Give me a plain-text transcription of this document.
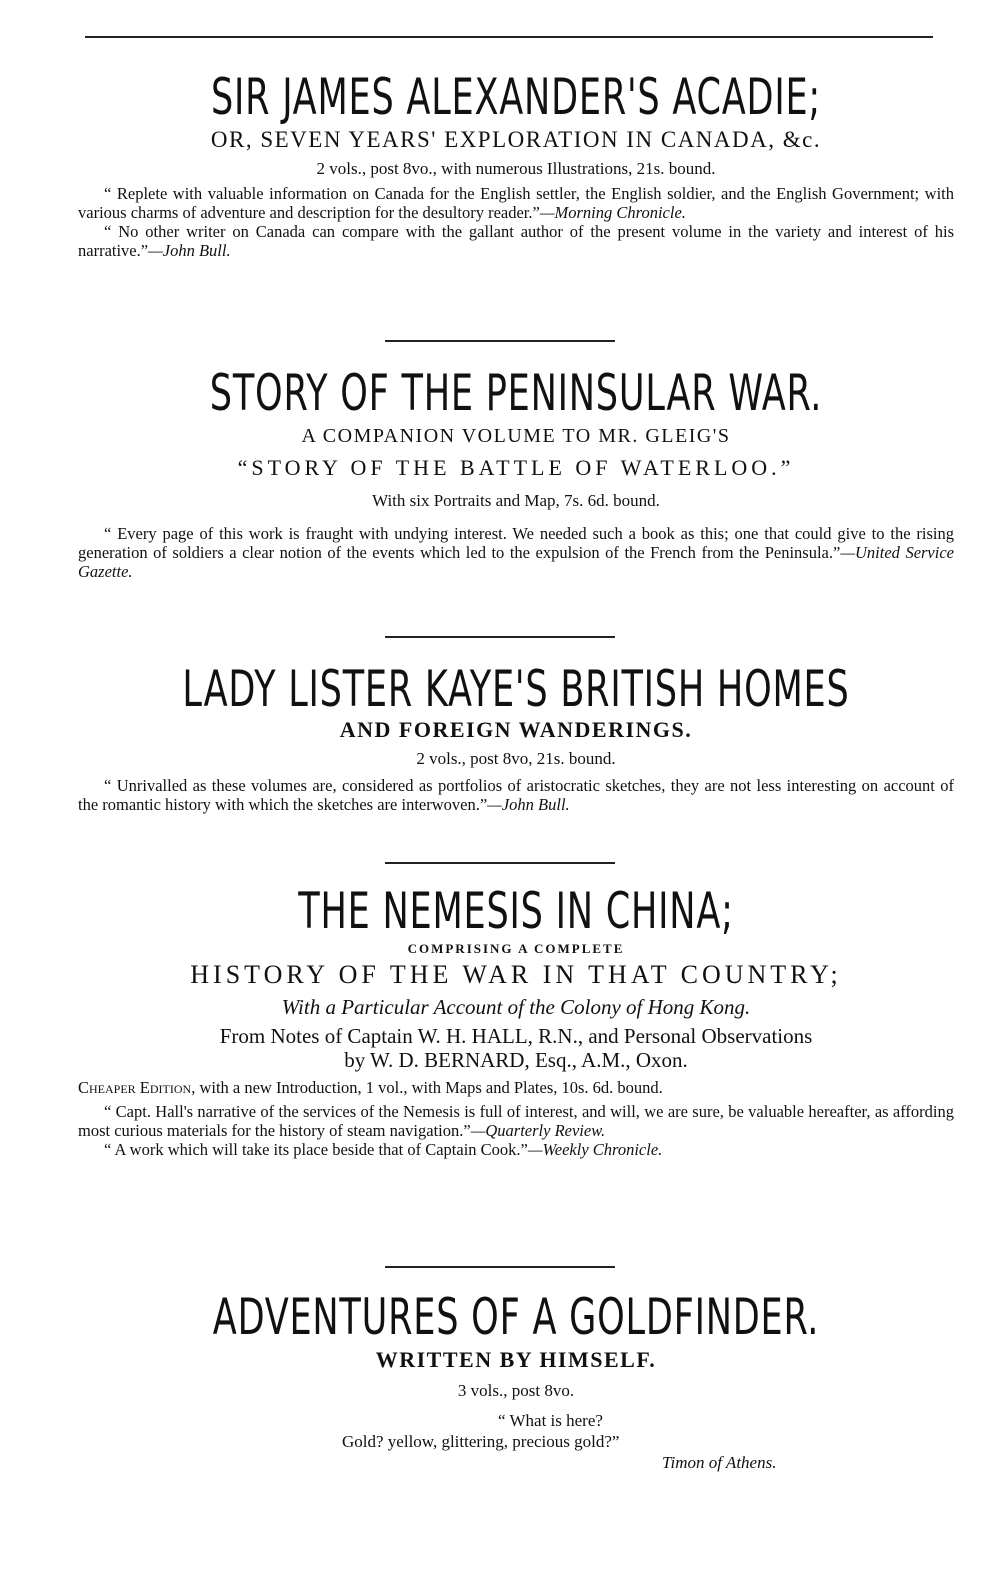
SIR JAMES ALEXANDER'S ACADIE;
OR, SEVEN YEARS' EXPLORATION IN CANADA, &c.
2 vols., post 8vo., with numerous Illustrations, 21s. bound.

“ Replete with valuable information on Canada for the English settler, the English soldier, and the English Government; with various charms of adventure and description for the desultory reader.”—Morning Chronicle.

“ No other writer on Canada can compare with the gallant author of the present volume in the variety and interest of his narrative.”—John Bull.

STORY OF THE PENINSULAR WAR.
A COMPANION VOLUME TO MR. GLEIG'S
“STORY OF THE BATTLE OF WATERLOO.”
With six Portraits and Map, 7s. 6d. bound.

“ Every page of this work is fraught with undying interest. We needed such a book as this; one that could give to the rising generation of soldiers a clear notion of the events which led to the expulsion of the French from the Peninsula.”—United Service Gazette.

LADY LISTER KAYE'S BRITISH HOMES
AND FOREIGN WANDERINGS.
2 vols., post 8vo, 21s. bound.

“ Unrivalled as these volumes are, considered as portfolios of aristocratic sketches, they are not less interesting on account of the romantic history with which the sketches are interwoven.”—John Bull.

THE NEMESIS IN CHINA;
COMPRISING A COMPLETE
HISTORY OF THE WAR IN THAT COUNTRY;
With a Particular Account of the Colony of Hong Kong.
From Notes of Captain W. H. HALL, R.N., and Personal Observations
by W. D. BERNARD, Esq., A.M., Oxon.
Cheaper Edition, with a new Introduction, 1 vol., with Maps and Plates, 10s. 6d. bound.

“ Capt. Hall's narrative of the services of the Nemesis is full of interest, and will, we are sure, be valuable hereafter, as affording most curious materials for the history of steam navigation.”—Quarterly Review.

“ A work which will take its place beside that of Captain Cook.”—Weekly Chronicle.

ADVENTURES OF A GOLDFINDER.
WRITTEN BY HIMSELF.
3 vols., post 8vo.
“ What is here?
Gold? yellow, glittering, precious gold?”
Timon of Athens.
